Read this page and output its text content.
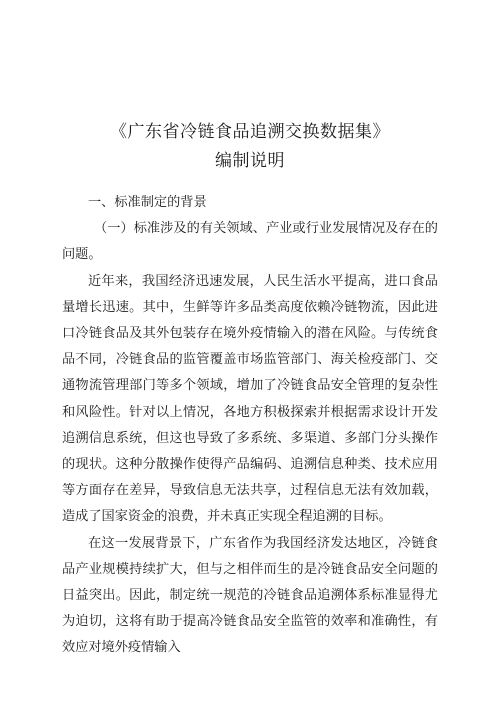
《广东省冷链食品追溯交换数据集》
编制说明

一、标准制定的背景

（一）标准涉及的有关领域、产业或行业发展情况及存在的问题。

近年来，我国经济迅速发展，人民生活水平提高，进口食品量增长迅速。其中，生鲜等许多品类高度依赖冷链物流，因此进口冷链食品及其外包装存在境外疫情输入的潜在风险。与传统食品不同，冷链食品的监管覆盖市场监管部门、海关检疫部门、交通物流管理部门等多个领域，增加了冷链食品安全管理的复杂性和风险性。针对以上情况，各地方积极探索并根据需求设计开发追溯信息系统，但这也导致了多系统、多渠道、多部门分头操作的现状。这种分散操作使得产品编码、追溯信息种类、技术应用等方面存在差异，导致信息无法共享，过程信息无法有效加载，造成了国家资金的浪费，并未真正实现全程追溯的目标。

在这一发展背景下，广东省作为我国经济发达地区，冷链食品产业规模持续扩大，但与之相伴而生的是冷链食品安全问题的日益突出。因此，制定统一规范的冷链食品追溯体系标准显得尤为迫切，这将有助于提高冷链食品安全监管的效率和准确性，有效应对境外疫情输入
